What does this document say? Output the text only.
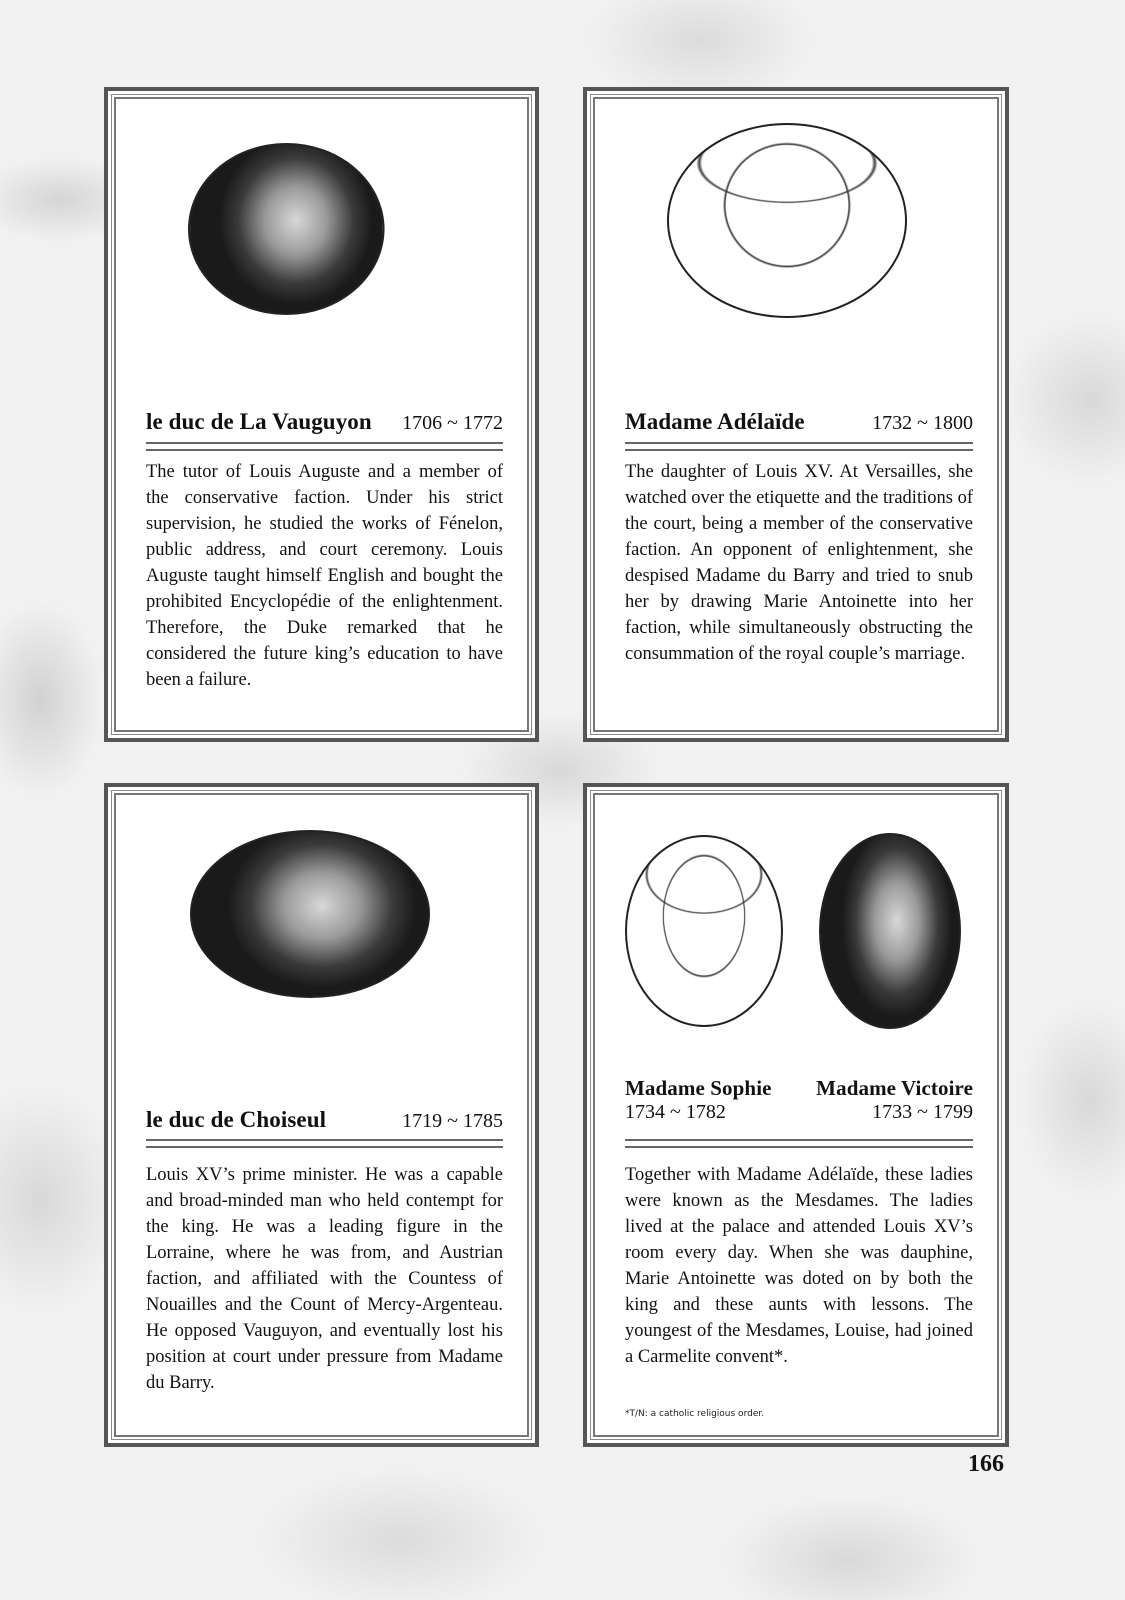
le duc de La Vauguyon 1706 ~ 1772
The tutor of Louis Auguste and a member of the conservative faction. Under his strict supervision, he studied the works of Fénelon, public address, and court ceremony. Louis Auguste taught himself English and bought the prohibited Encyclopédie of the enlightenment. Therefore, the Duke remarked that he considered the future king’s education to have been a failure.
Madame Adélaïde	1732 ~ 1800
The daughter of Louis XV. At Versailles, she watched over the etiquette and the traditions of the court, being a member of the conservative faction. An opponent of enlightenment, she despised Madame du Barry and tried to snub her by drawing Marie Antoinette into her faction, while simultaneously obstructing the consummation of the royal couple’s marriage.
le duc de Choiseul	1719 ~ 1785
Louis XV’s prime minister. He was a capable and broad-minded man who held contempt for the king. He was a leading figure in the Lorraine, where he was from, and Austrian faction, and affiliated with the Countess of Nouailles and the Count of Mercy-Argenteau. He opposed Vauguyon, and eventually lost his position at court under pressure from Madame du Barry.
Madame Sophie
1734 ~ 1782
Madame Victoire
1733 ~ 1799
Together with Madame Adélaïde, these ladies were known as the Mesdames. The ladies lived at the palace and attended Louis XV’s room every day. When she was dauphine, Marie Antoinette was doted on by both the king and these aunts with lessons. The youngest of the Mesdames, Louise, had joined a Carmelite convent*.
*T/N: a catholic religious order.
166
